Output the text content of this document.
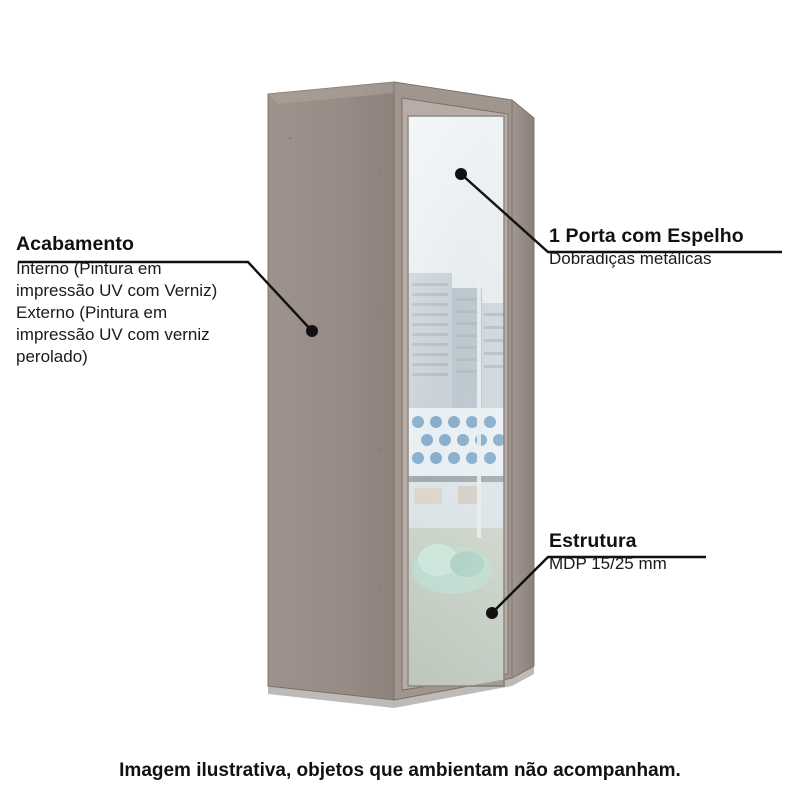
Acabamento
Interno (Pintura em
impressão UV com Verniz)
Externo (Pintura em
impressão UV com verniz
perolado)
1 Porta com Espelho
Dobradiças metálicas
Estrutura
MDP 15/25 mm
Imagem ilustrativa, objetos que ambientam não acompanham.
